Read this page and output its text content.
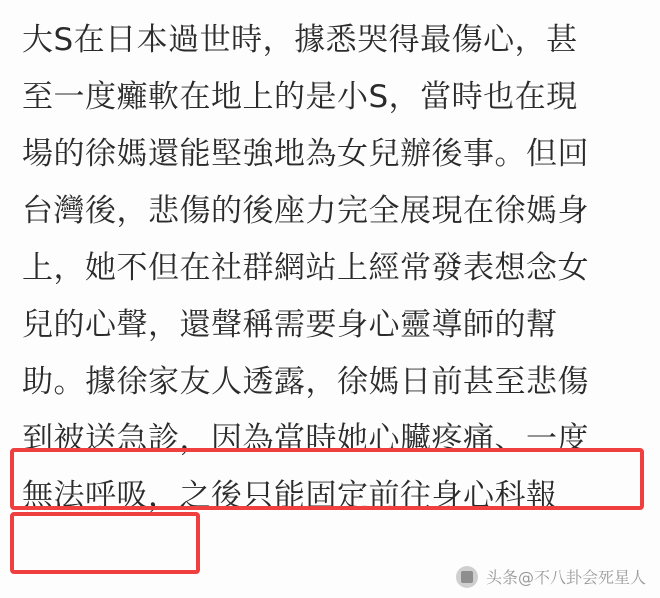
大S在日本過世時，據悉哭得最傷心，甚
至一度癱軟在地上的是小S，當時也在現
場的徐媽還能堅強地為女兒辦後事。但回
台灣後，悲傷的後座力完全展現在徐媽身
上，她不但在社群網站上經常發表想念女
兒的心聲，還聲稱需要身心靈導師的幫
助。據徐家友人透露，徐媽日前甚至悲傷
到被送急診，因為當時她心臟疼痛、一度
無法呼吸，之後只能固定前往身心科報
头条@不八卦会死星人
